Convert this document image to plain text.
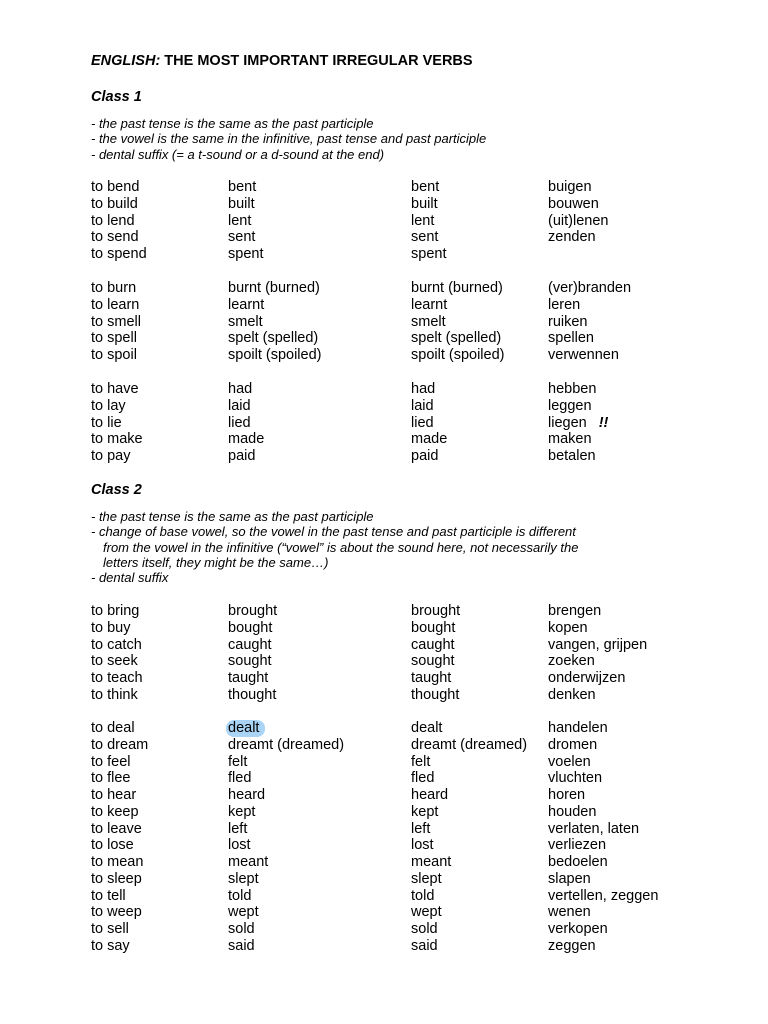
ENGLISH: THE MOST IMPORTANT IRREGULAR VERBS
Class 1
- the past tense is the same as the past participle
- the vowel is the same in the infinitive, past tense and past participle
- dental suffix (= a t-sound or a d-sound at the end)
to bend	bent	bent	buigen
to build	built	built	bouwen
to lend	lent	lent	(uit)lenen
to send	sent	sent	zenden
to spend	spent	spent
to burn	burnt (burned)	burnt (burned)	(ver)branden
to learn	learnt	learnt	leren
to smell	smelt	smelt	ruiken
to spell	spelt (spelled)	spelt (spelled)	spellen
to spoil	spoilt (spoiled)	spoilt (spoiled)	verwennen
to have	had	had	hebben
to lay	laid	laid	leggen
to lie	lied	lied	liegen !!
to make	made	made	maken
to pay	paid	paid	betalen
Class 2
- the past tense is the same as the past participle
- change of base vowel, so the vowel in the past tense and past participle is different
from the vowel in the infinitive (“vowel” is about the sound here, not necessarily the
letters itself, they might be the same…)
- dental suffix
to bring	brought	brought	brengen
to buy	bought	bought	kopen
to catch	caught	caught	vangen, grijpen
to seek	sought	sought	zoeken
to teach	taught	taught	onderwijzen
to think	thought	thought	denken
to deal	dealt	dealt	handelen
to dream	dreamt (dreamed)	dreamt (dreamed) dromen
to feel	felt	felt	voelen
to flee	fled	fled	vluchten
to hear	heard	heard	horen
to keep	kept	kept	houden
to leave	left	left	verlaten, laten
to lose	lost	lost	verliezen
to mean	meant	meant	bedoelen
to sleep	slept	slept	slapen
to tell	told	told	vertellen, zeggen
to weep	wept	wept	wenen
to sell	sold	sold	verkopen
to say	said	said	zeggen
